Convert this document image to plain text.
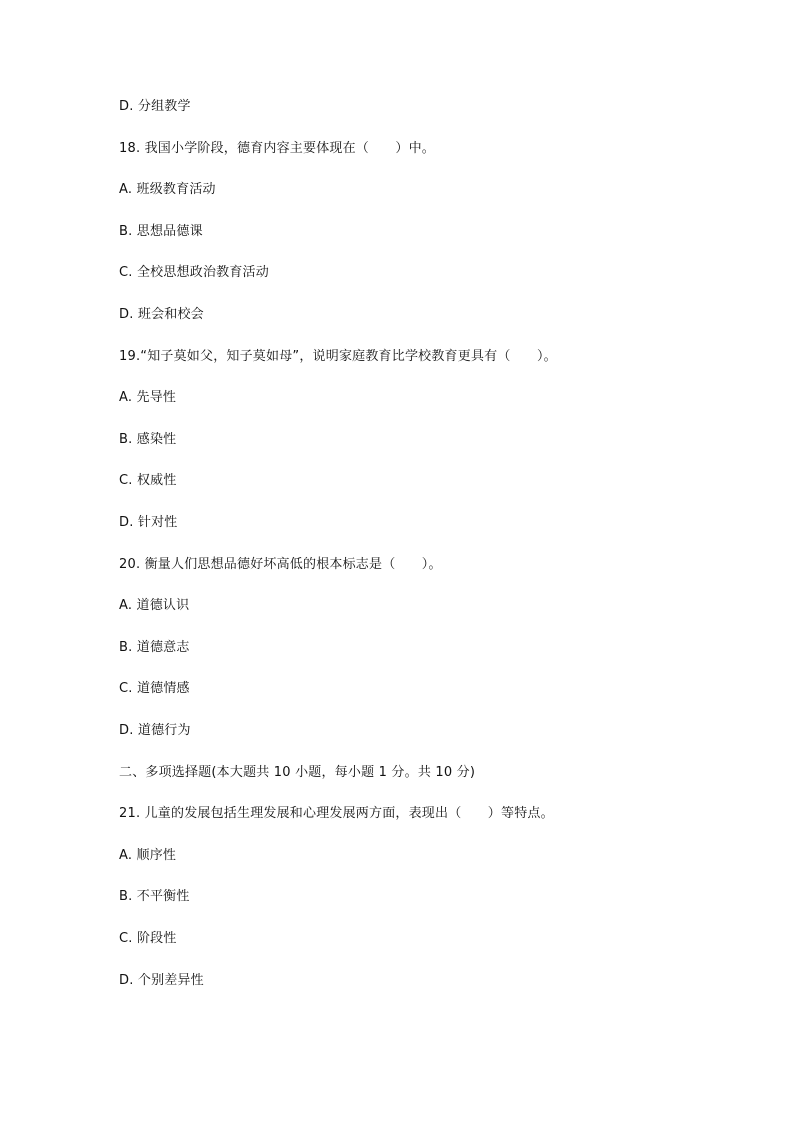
D. 分组教学
18. 我国小学阶段，德育内容主要体现在（　　）中。
A. 班级教育活动
B. 思想品德课
C. 全校思想政治教育活动
D. 班会和校会
19.“知子莫如父，知子莫如母”，说明家庭教育比学校教育更具有（　　）。
A. 先导性
B. 感染性
C. 权威性
D. 针对性
20. 衡量人们思想品德好坏高低的根本标志是（　　）。
A. 道德认识
B. 道德意志
C. 道德情感
D. 道德行为
二、多项选择题(本大题共 10 小题，每小题 1 分。共 10 分)
21. 儿童的发展包括生理发展和心理发展两方面，表现出（　　）等特点。
A. 顺序性
B. 不平衡性
C. 阶段性
D. 个别差异性
